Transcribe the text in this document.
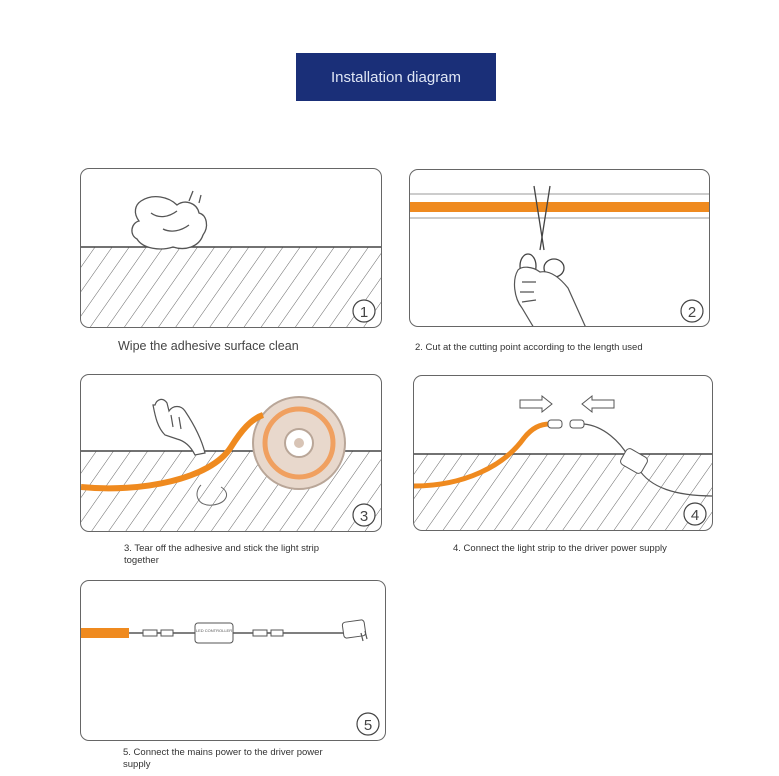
Installation diagram
1
Wipe the adhesive surface clean
2
2. Cut at the cutting point according to the length used
3
3. Tear off the adhesive and stick the light strip together
4
4. Connect the light strip to the driver power supply
LED CONTROLLER
5
5. Connect the mains power to the driver power supply
